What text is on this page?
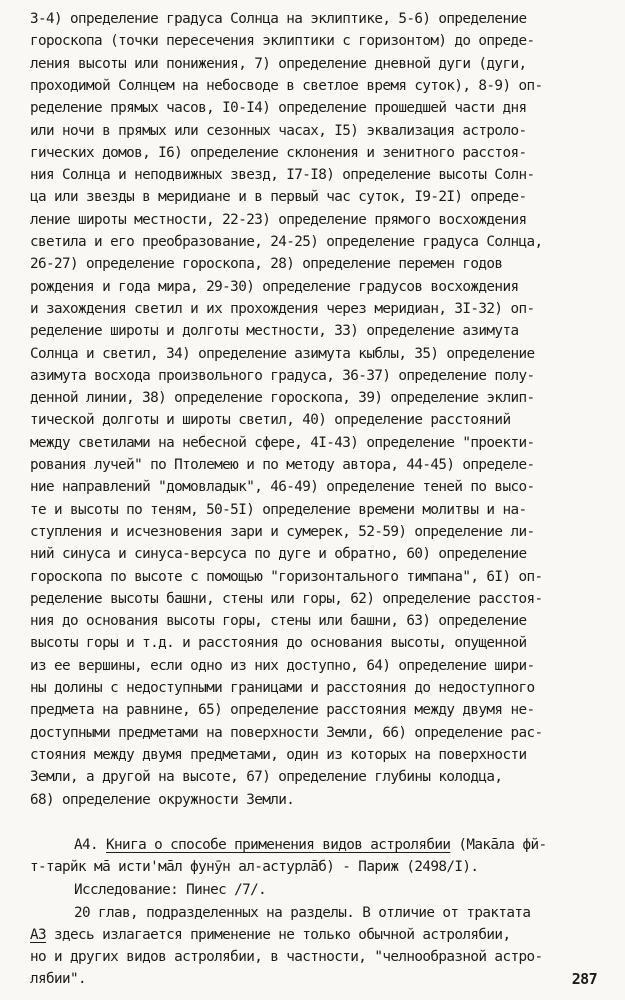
3-4) определение градуса Солнца на эклиптике, 5-6) определение
гороскопа (точки пересечения эклиптики с горизонтом) до опреде-
ления высоты или понижения, 7) определение дневной дуги (дуги,
проходимой Солнцем на небосводе в светлое время суток), 8-9) оп-
ределение прямых часов, I0-I4) определение прошедшей части дня
или ночи в прямых или сезонных часах, I5) эквализация астроло-
гических домов, I6) определение склонения и зенитного расстоя-
ния Солнца и неподвижных звезд, I7-I8) определение высоты Солн-
ца или звезды в меридиане и в первый час суток, I9-2I) опреде-
ление широты местности, 22-23) определение прямого восхождения
светила и его преобразование, 24-25) определение градуса Солнца,
26-27) определение гороскопа, 28) определение перемен годов
рождения и года мира, 29-30) определение градусов восхождения
и захождения светил и их прохождения через меридиан, 3I-32) оп-
ределение широты и долготы местности, 33) определение азимута
Солнца и светил, 34) определение азимута кыблы, 35) определение
азимута восхода произвольного градуса, 36-37) определение полу-
денной линии, 38) определение гороскопа, 39) определение эклип-
тической долготы и широты светил, 40) определение расстояний
между светилами на небесной сфере, 4I-43) определение "проекти-
рования лучей" по Птолемею и по методу автора, 44-45) определе-
ние направлений "домовладык", 46-49) определение теней по высо-
те и высоты по теням, 50-5I) определение времени молитвы и на-
ступления и исчезновения зари и сумерек, 52-59) определение ли-
ний синуса и синуса-версуса по дуге и обратно, 60) определение
гороскопа по высоте с помощью "горизонтального тимпана", 6I) оп-
ределение высоты башни, стены или горы, 62) определение расстоя-
ния до основания высоты горы, стены или башни, 63) определение
высоты горы и т.д. и расстояния до основания высоты, опущенной
из ее вершины, если одно из них доступно, 64) определение шири-
ны долины с недоступными границами и расстояния до недоступного
предмета на равнине, 65) определение расстояния между двумя не-
доступными предметами на поверхности Земли, 66) определение рас-
стояния между двумя предметами, один из которых на поверхности
Земли, а другой на высоте, 67) определение глубины колодца,
68) определение окружности Земли.
А4. Книга о способе применения видов астролябии (Макāла фй-
т-тарйк мā исти'мāл фунӯн ал-астурлāб) - Париж (2498/I).
Исследование: Пинес /7/.
20 глав, подразделенных на разделы. В отличие от трактата
А3 здесь излагается применение не только обычной астролябии,
но и других видов астролябии, в частности, "челнообразной астро-
лябии".	287
